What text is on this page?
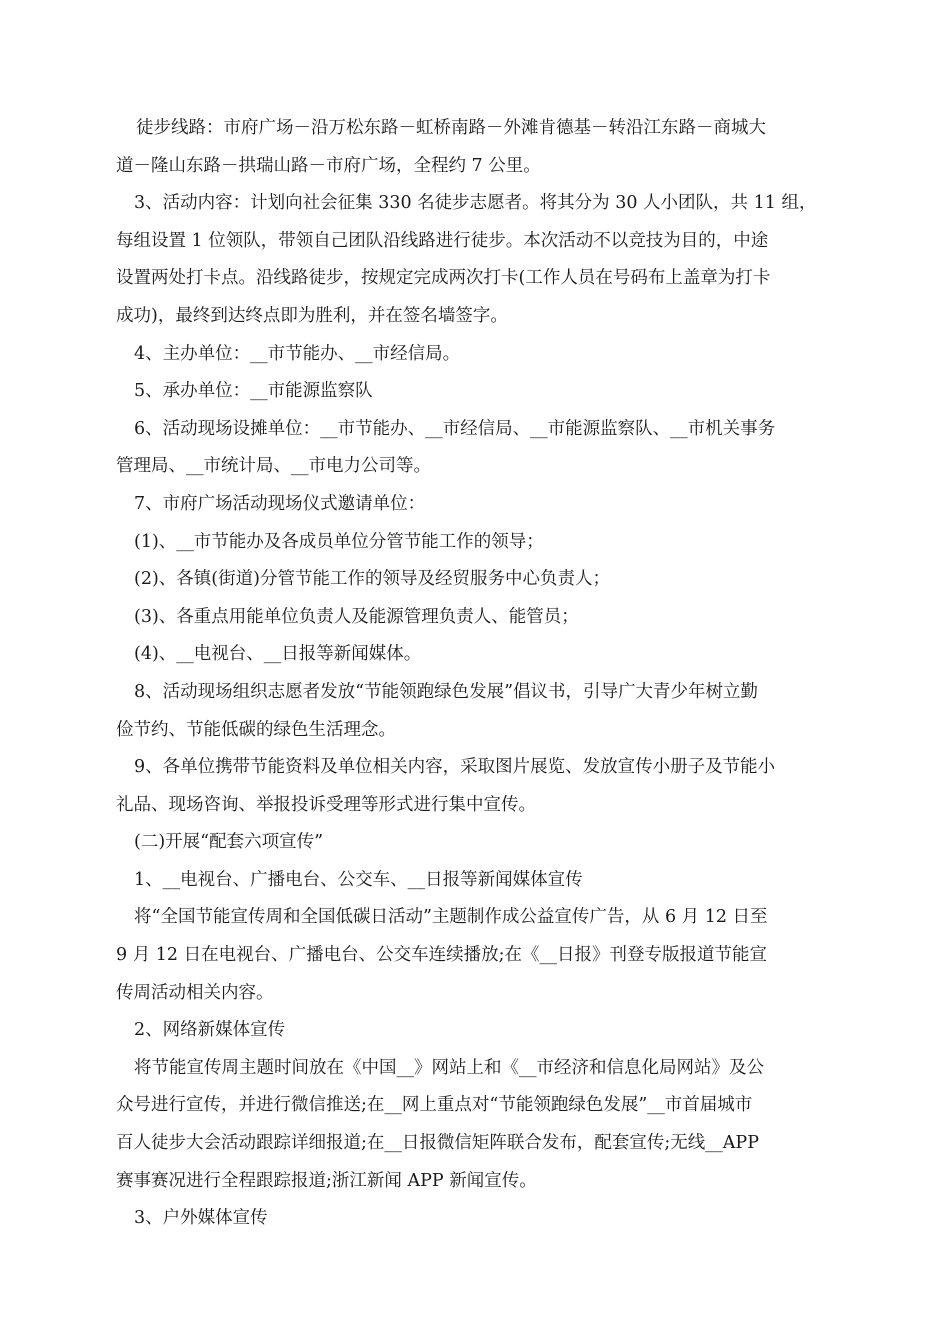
徒步线路：市府广场－沿万松东路－虹桥南路－外滩肯德基－转沿江东路－商城大
道－隆山东路－拱瑞山路－市府广场，全程约 7 公里。
3、活动内容：计划向社会征集 330 名徒步志愿者。将其分为 30 人小团队，共 11 组，
每组设置 1 位领队，带领自己团队沿线路进行徒步。本次活动不以竞技为目的，中途
设置两处打卡点。沿线路徒步，按规定完成两次打卡(工作人员在号码布上盖章为打卡
成功)，最终到达终点即为胜利，并在签名墙签字。
4、主办单位：__市节能办、__市经信局。
5、承办单位：__市能源监察队
6、活动现场设摊单位：__市节能办、__市经信局、__市能源监察队、__市机关事务
管理局、__市统计局、__市电力公司等。
7、市府广场活动现场仪式邀请单位：
(1)、__市节能办及各成员单位分管节能工作的领导；
(2)、各镇(街道)分管节能工作的领导及经贸服务中心负责人；
(3)、各重点用能单位负责人及能源管理负责人、能管员；
(4)、__电视台、__日报等新闻媒体。
8、活动现场组织志愿者发放“节能领跑绿色发展”倡议书，引导广大青少年树立勤
俭节约、节能低碳的绿色生活理念。
9、各单位携带节能资料及单位相关内容，采取图片展览、发放宣传小册子及节能小
礼品、现场咨询、举报投诉受理等形式进行集中宣传。
(二)开展“配套六项宣传”
1、__电视台、广播电台、公交车、__日报等新闻媒体宣传
将“全国节能宣传周和全国低碳日活动”主题制作成公益宣传广告，从 6 月 12 日至
9 月 12 日在电视台、广播电台、公交车连续播放;在《__日报》刊登专版报道节能宣
传周活动相关内容。
2、网络新媒体宣传
将节能宣传周主题时间放在《中国__》网站上和《__市经济和信息化局网站》及公
众号进行宣传，并进行微信推送;在__网上重点对“节能领跑绿色发展”__市首届城市
百人徒步大会活动跟踪详细报道;在__日报微信矩阵联合发布，配套宣传;无线__APP
赛事赛况进行全程跟踪报道;浙江新闻 APP 新闻宣传。
3、户外媒体宣传
